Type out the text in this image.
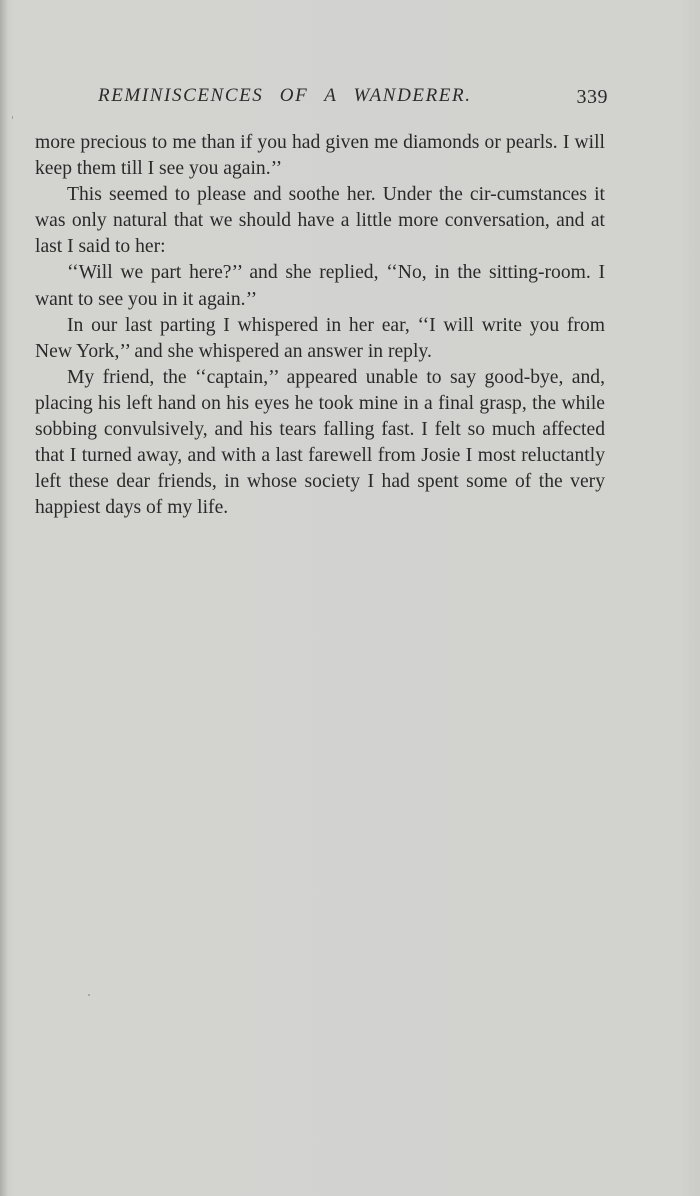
REMINISCENCES OF A WANDERER.	339

more precious to me than if you had given me diamonds or pearls. I will keep them till I see you again.’’

This seemed to please and soothe her. Under the cir-cumstances it was only natural that we should have a little more conversation, and at last I said to her:

‘‘Will we part here?’’ and she replied, ‘‘No, in the sitting-room. I want to see you in it again.’’

In our last parting I whispered in her ear, ‘‘I will write you from New York,’’ and she whispered an answer in reply.

My friend, the ‘‘captain,’’ appeared unable to say good-bye, and, placing his left hand on his eyes he took mine in a final grasp, the while sobbing convulsively, and his tears falling fast. I felt so much affected that I turned away, and with a last farewell from Josie I most reluctantly left these dear friends, in whose society I had spent some of the very happiest days of my life.
